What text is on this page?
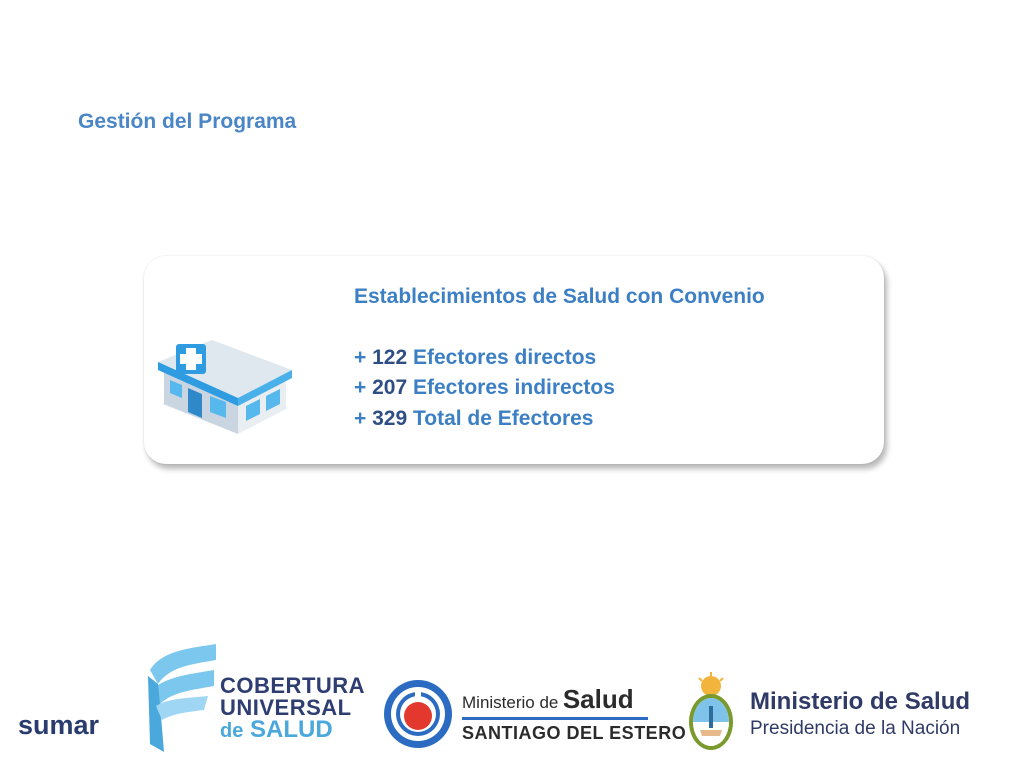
Gestión del Programa
Establecimientos de Salud con Convenio
+ 122 Efectores directos
+ 207 Efectores indirectos
+ 329 Total de Efectores
sumar
COBERTURA
UNIVERSAL
de SALUD
Ministerio de Salud
SANTIAGO DEL ESTERO
Ministerio de Salud
Presidencia de la Nación
